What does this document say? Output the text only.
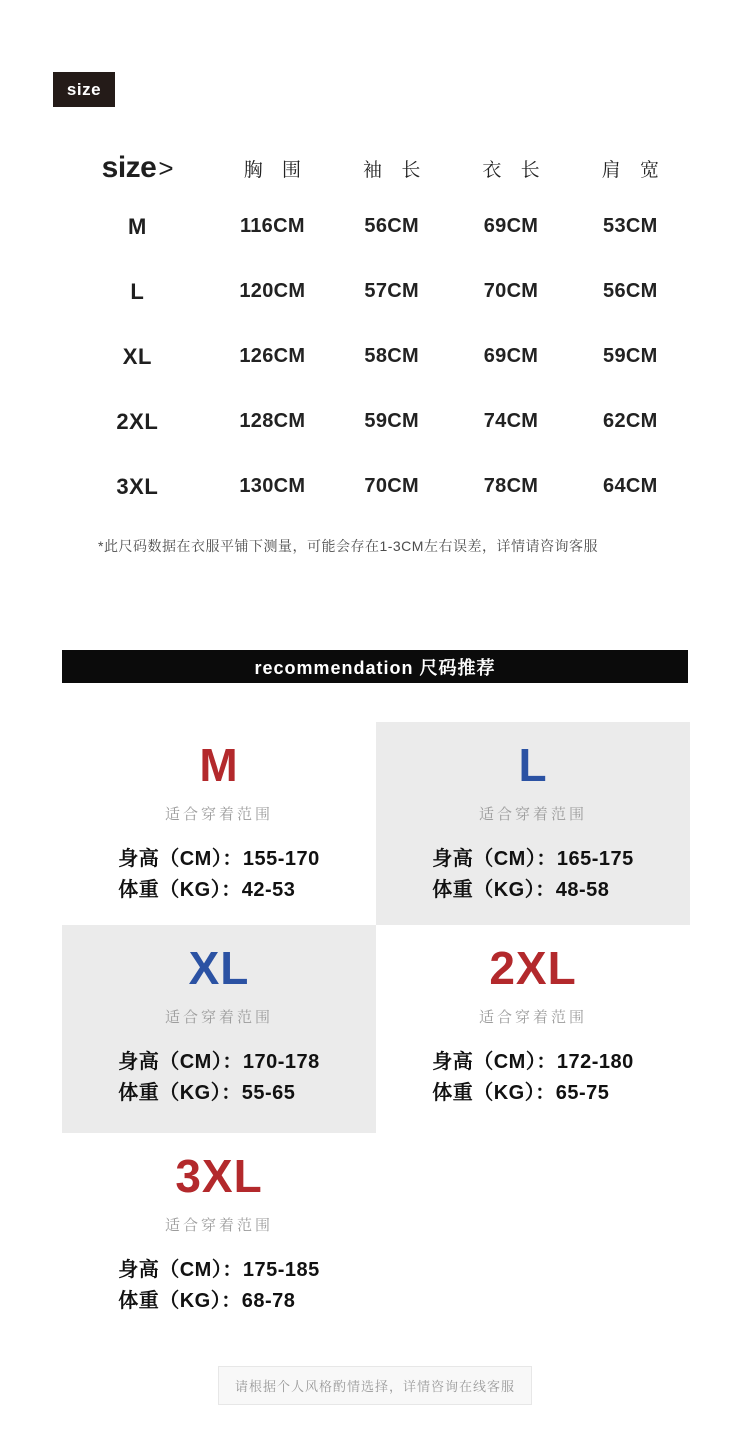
size
size>	胸 围	袖 长	衣 长	肩 宽
M	116CM	56CM	69CM	53CM
L	120CM	57CM	70CM	56CM
XL	126CM	58CM	69CM	59CM
2XL	128CM	59CM	74CM	62CM
3XL	130CM	70CM	78CM	64CM
*此尺码数据在衣服平铺下测量，可能会存在1-3CM左右误差，详情请咨询客服
recommendation 尺码推荐
M
适合穿着范围
身高（CM）：155-170
体重（KG）：42-53
L
适合穿着范围
身高（CM）：165-175
体重（KG）：48-58
XL
适合穿着范围
身高（CM）：170-178
体重（KG）：55-65
2XL
适合穿着范围
身高（CM）：172-180
体重（KG）：65-75
3XL
适合穿着范围
身高（CM）：175-185
体重（KG）：68-78
请根据个人风格酌情选择，详情咨询在线客服
